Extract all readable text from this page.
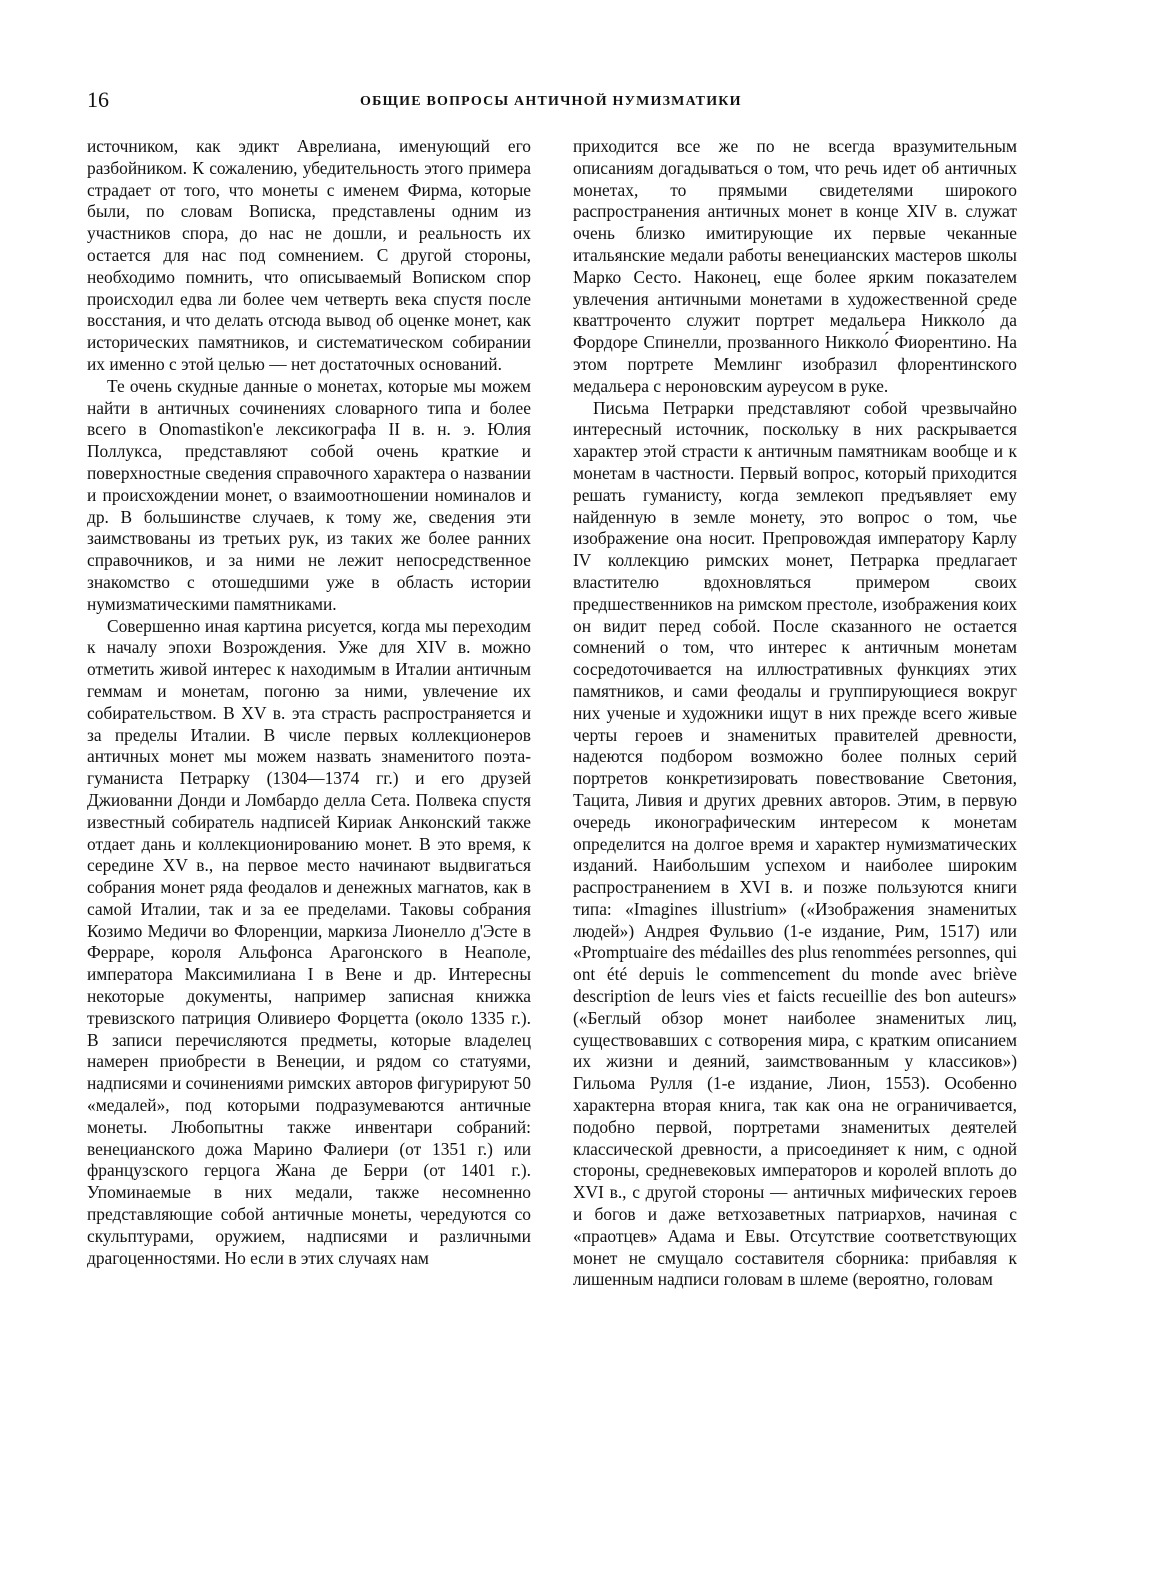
16	ОБЩИЕ ВОПРОСЫ АНТИЧНОЙ НУМИЗМАТИКИ

источником, как эдикт Аврелиана, именующий его разбойником. К сожалению, убедительность этого примера страдает от того, что монеты с именем Фирма, которые были, по словам Вописка, представлены одним из участников спора, до нас не дошли, и реальность их остается для нас под сомнением. С другой стороны, необходимо помнить, что описываемый Вописком спор происходил едва ли более чем четверть века спустя после восстания, и что делать отсюда вывод об оценке монет, как исторических памятников, и систематическом собирании их именно с этой целью — нет достаточных оснований.

Те очень скудные данные о монетах, которые мы можем найти в античных сочинениях словарного типа и более всего в Onomastikon'е лексикографа II в. н. э. Юлия Поллукса, представляют собой очень краткие и поверхностные сведения справочного характера о названии и происхождении монет, о взаимоотношении номиналов и др. В большинстве случаев, к тому же, сведения эти заимствованы из третьих рук, из таких же более ранних справочников, и за ними не лежит непосредственное знакомство с отошедшими уже в область истории нумизматическими памятниками.

Совершенно иная картина рисуется, когда мы переходим к началу эпохи Возрождения. Уже для XIV в. можно отметить живой интерес к находимым в Италии античным геммам и монетам, погоню за ними, увлечение их собирательством. В XV в. эта страсть распространяется и за пределы Италии. В числе первых коллекционеров античных монет мы можем назвать знаменитого поэта-гуманиста Петрарку (1304—1374 гг.) и его друзей Джиованни Донди и Ломбардо делла Сета. Полвека спустя известный собиратель надписей Кириак Анконский также отдает дань и коллекционированию монет. В это время, к середине XV в., на первое место начинают выдвигаться собрания монет ряда феодалов и денежных магнатов, как в самой Италии, так и за ее пределами. Таковы собрания Козимо Медичи во Флоренции, маркиза Лионелло д'Эсте в Ферраре, короля Альфонса Арагонского в Неаполе, императора Максимилиана I в Вене и др. Интересны некоторые документы, например записная книжка тревизского патриция Оливиеро Форцетта (около 1335 г.). В записи перечисляются предметы, которые владелец намерен приобрести в Венеции, и рядом со статуями, надписями и сочинениями римских авторов фигурируют 50 «медалей», под которыми подразумеваются античные монеты. Любопытны также инвентари собраний: венецианского дожа Марино Фалиери (от 1351 г.) или французского герцога Жана де Берри (от 1401 г.). Упоминаемые в них медали, также несомненно представляющие собой античные монеты, чередуются со скульптурами, оружием, надписями и различными драгоценностями. Но если в этих случаях нам

приходится все же по не всегда вразумительным описаниям догадываться о том, что речь идет об античных монетах, то прямыми свидетелями широкого распространения античных монет в конце XIV в. служат очень близко имитирующие их первые чеканные итальянские медали работы венецианских мастеров школы Марко Сесто. Наконец, еще более ярким показателем увлечения античными монетами в художественной среде кваттроченто служит портрет медальера Никколо́ да Фордоре Спинелли, прозванного Никколо́ Фиорентино. На этом портрете Мемлинг изобразил флорентинского медальера с нероновским ауреусом в руке.

Письма Петрарки представляют собой чрезвычайно интересный источник, поскольку в них раскрывается характер этой страсти к античным памятникам вообще и к монетам в частности. Первый вопрос, который приходится решать гуманисту, когда землекоп предъявляет ему найденную в земле монету, это вопрос о том, чье изображение она носит. Препровождая императору Карлу IV коллекцию римских монет, Петрарка предлагает властителю вдохновляться примером своих предшественников на римском престоле, изображения коих он видит перед собой. После сказанного не остается сомнений о том, что интерес к античным монетам сосредоточивается на иллюстративных функциях этих памятников, и сами феодалы и группирующиеся вокруг них ученые и художники ищут в них прежде всего живые черты героев и знаменитых правителей древности, надеются подбором возможно более полных серий портретов конкретизировать повествование Светония, Тацита, Ливия и других древних авторов. Этим, в первую очередь иконографическим интересом к монетам определится на долгое время и характер нумизматических изданий. Наибольшим успехом и наиболее широким распространением в XVI в. и позже пользуются книги типа: «Imagines illustrium» («Изображения знаменитых людей») Андрея Фульвио (1-е издание, Рим, 1517) или «Promptuaire des médailles des plus renommées personnes, qui ont été depuis le commencement du monde avec briève description de leurs vies et faicts recueillie des bon auteurs» («Беглый обзор монет наиболее знаменитых лиц, существовавших с сотворения мира, с кратким описанием их жизни и деяний, заимствованным у классиков») Гильома Рулля (1-е издание, Лион, 1553). Особенно характерна вторая книга, так как она не ограничивается, подобно первой, портретами знаменитых деятелей классической древности, а присоединяет к ним, с одной стороны, средневековых императоров и королей вплоть до XVI в., с другой стороны — античных мифических героев и богов и даже ветхозаветных патриархов, начиная с «праотцев» Адама и Евы. Отсутствие соответствующих монет не смущало составителя сборника: прибавляя к лишенным надписи головам в шлеме (вероятно, головам
